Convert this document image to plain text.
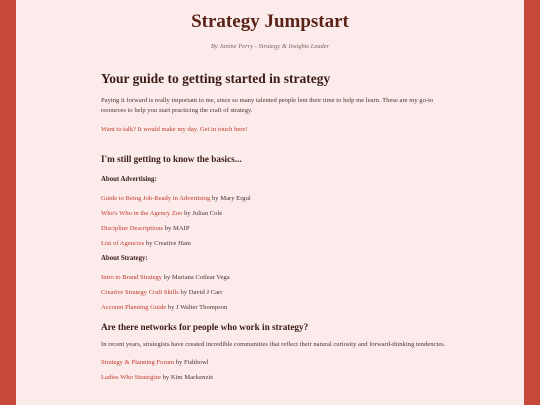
Strategy Jumpstart
By Janine Perry - Strategy & Insights Leader
Your guide to getting started in strategy

Paying it forward is really important to me, since so many talented people lent their time to help me learn. These are my go-to resources to help you start practicing the craft of strategy.

Want to talk? It would make my day. Get in touch here!

I'm still getting to know the basics...
About Advertising:
Guide to Being Job-Ready in Advertising by Mary Ergul
Who's Who in the Agency Zoo by Julian Cole
Discipline Descriptions by MAIP
List of Agencies by Creative Ham
About Strategy:
Intro to Brand Strategy by Mariana Cotlear Vega
Creative Strategy Craft Skills by David J Carr
Account Planning Guide by J Walter Thompson
Are there networks for people who work in strategy?

In recent years, strategists have created incredible communities that reflect their natural curiosity and forward-thinking tendencies.

Strategy & Planning Forum by Fishbowl
Ladies Who Strategize by Kim Mackenzie
